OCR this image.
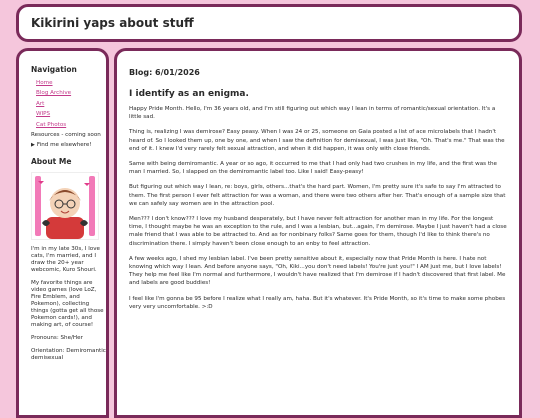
Kikirini yaps about stuff
Navigation
Home
Blog Archive
Art
WIPS
Cat Photos
Resources - coming soon
▶ Find me elsewhere!
About Me
I'm in my late 30s, I love cats, I'm married, and I draw the 20+ year webcomic, Kuro Shouri.
My favorite things are video games (love LoZ, Fire Emblem, and Pokemon), collecting things (gotta get all those Pokemon cards!), and making art, of course!
Pronouns: She/Her
Orientation: Demiromantic demisexual
Blog: 6/01/2026
I identify as an enigma.

Happy Pride Month. Hello, I'm 36 years old, and I'm still figuring out which way I lean in terms of romantic/sexual orientation. It's a little sad.

Thing is, realizing I was demirose? Easy peasy. When I was 24 or 25, someone on Gaia posted a list of ace microlabels that I hadn't heard of. So I looked them up, one by one, and when I saw the definition for demisexual, I was just like, "Oh. That's me." That was the end of it. I knew I'd very rarely felt sexual attraction, and when it did happen, it was only with close friends.

Same with being demiromantic. A year or so ago, it occurred to me that I had only had two crushes in my life, and the first was the man I married. So, I slapped on the demiromantic label too. Like I said! Easy-peasy!

But figuring out which way I lean, re: boys, girls, others...that's the hard part. Women, I'm pretty sure it's safe to say I'm attracted to them. The first person I ever felt attraction for was a woman, and there were two others after her. That's enough of a sample size that we can safely say women are in the attraction pool.

Men??? I don't know??? I love my husband desperately, but I have never felt attraction for another man in my life. For the longest time, I thought maybe he was an exception to the rule, and I was a lesbian, but...again, I'm demirose. Maybe I just haven't had a close male friend that I was able to be attracted to. And as for nonbinary folks? Same goes for them, though I'd like to think there's no discrimination there. I simply haven't been close enough to an enby to feel attraction.

A few weeks ago, I shed my lesbian label. I've been pretty sensitive about it, especially now that Pride Month is here. I hate not knowing which way I lean. And before anyone says, "Oh, Kiki...you don't need labels! You're just you!" I AM just me, but I love labels! They help me feel like I'm normal and furthermore, I wouldn't have realized that I'm demirose if I hadn't discovered that first label. Me and labels are good buddies!

I feel like I'm gonna be 95 before I realize what I really am, haha. But it's whatever. It's Pride Month, so it's time to make some phobes very very uncomfortable. >:D
